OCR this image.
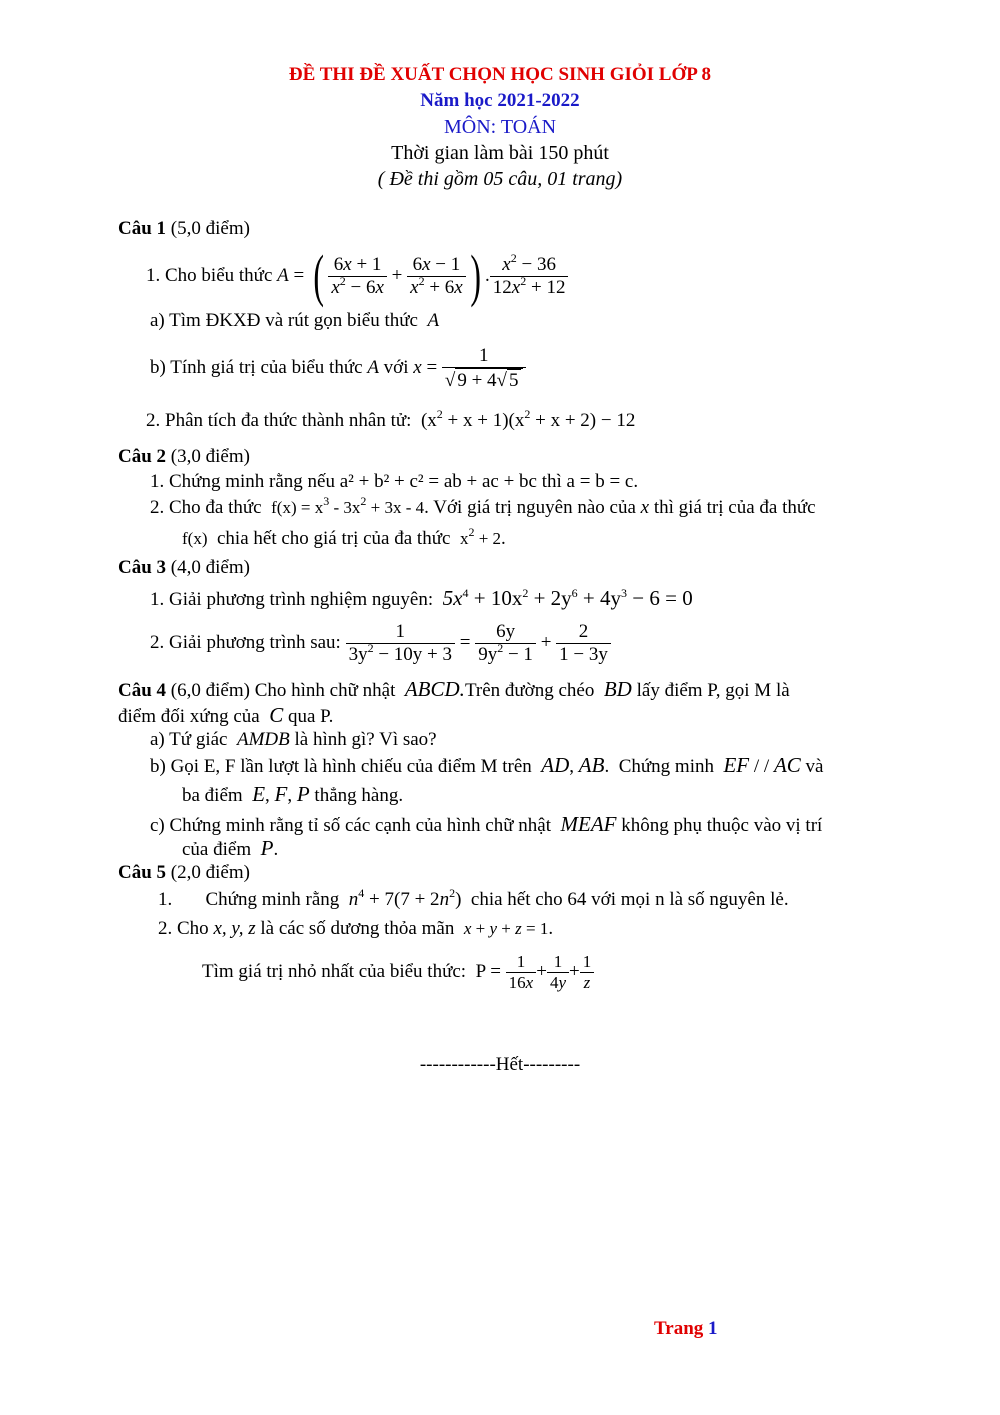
ĐỀ THI ĐỀ XUẤT CHỌN HỌC SINH GIỎI LỚP 8
Năm học 2021-2022
MÔN: TOÁN
Thời gian làm bài 150 phút
( Đề thi gồm 05 câu, 01 trang)
Câu 1 (5,0 điểm)
1. Cho biểu thức
A = ( $\frac{6x + 1}{x^2 - 6x} + \frac{6x - 1}{x^2 + 6x}$ ) . $\frac{x^2 - 36}{12x^2 + 12}$
a) Tìm ĐKXĐ và rút gọn biểu thức A
b) Tính giá trị của biểu thức
A
với
$x = \frac{1}{√ 9 + 4√ 5}$
2. Phân tích đa thức thành nhân tử: $(x^2 + x + 1)(x^2 + x + 2) - 12$
Câu 2 (3,0 điểm)
1. Chứng minh rằng nếu a² + b² + c² = ab + ac + bc thì a = b = c.
2. Cho đa thức $f(x) = x^3 - 3x^2 + 3x - 4$. Với giá trị nguyên nào của x thì giá trị của đa thức
f(x) chia hết cho giá trị của đa thức $x^2 + 2$.
Câu 3 (4,0 điểm)
1. Giải phương trình nghiệm nguyên: $5x^4 + 10x^2 + 2y^6 + 4y^3 - 6 = 0$
2. Giải phương trình sau:
$\frac{1}{3y^2 - 10y + 3} = \frac{6y}{9y^2 - 1} + \frac{2}{1 - 3y}$
Câu 4 (6,0 điểm) Cho hình chữ nhật ABCD.Trên đường chéo BD lấy điểm P, gọi M là
điểm đối xứng của C qua P.
a) Tứ giác AMDB là hình gì? Vì sao?
b) Gọi E, F lần lượt là hình chiếu của điểm M trên AD, AB.  Chứng minh EF / / AC và
ba điểm E, F, P thẳng hàng.
c) Chứng minh rằng tỉ số các cạnh của hình chữ nhật MEAF không phụ thuộc vào vị trí
của điểm P.
Câu 5 (2,0 điểm)
1. Chứng minh rằng $n^4 + 7(7 + 2n^2)$ chia hết cho 64 với mọi n là số nguyên lẻ.
2. Cho x, y, z là các số dương thỏa mãn x + y + z = 1.
Tìm giá trị nhỏ nhất của biểu thức: $P = \frac{1}{16x} + \frac{1}{4y} + \frac{1}{z}$
------------Hết---------
Trang 1
